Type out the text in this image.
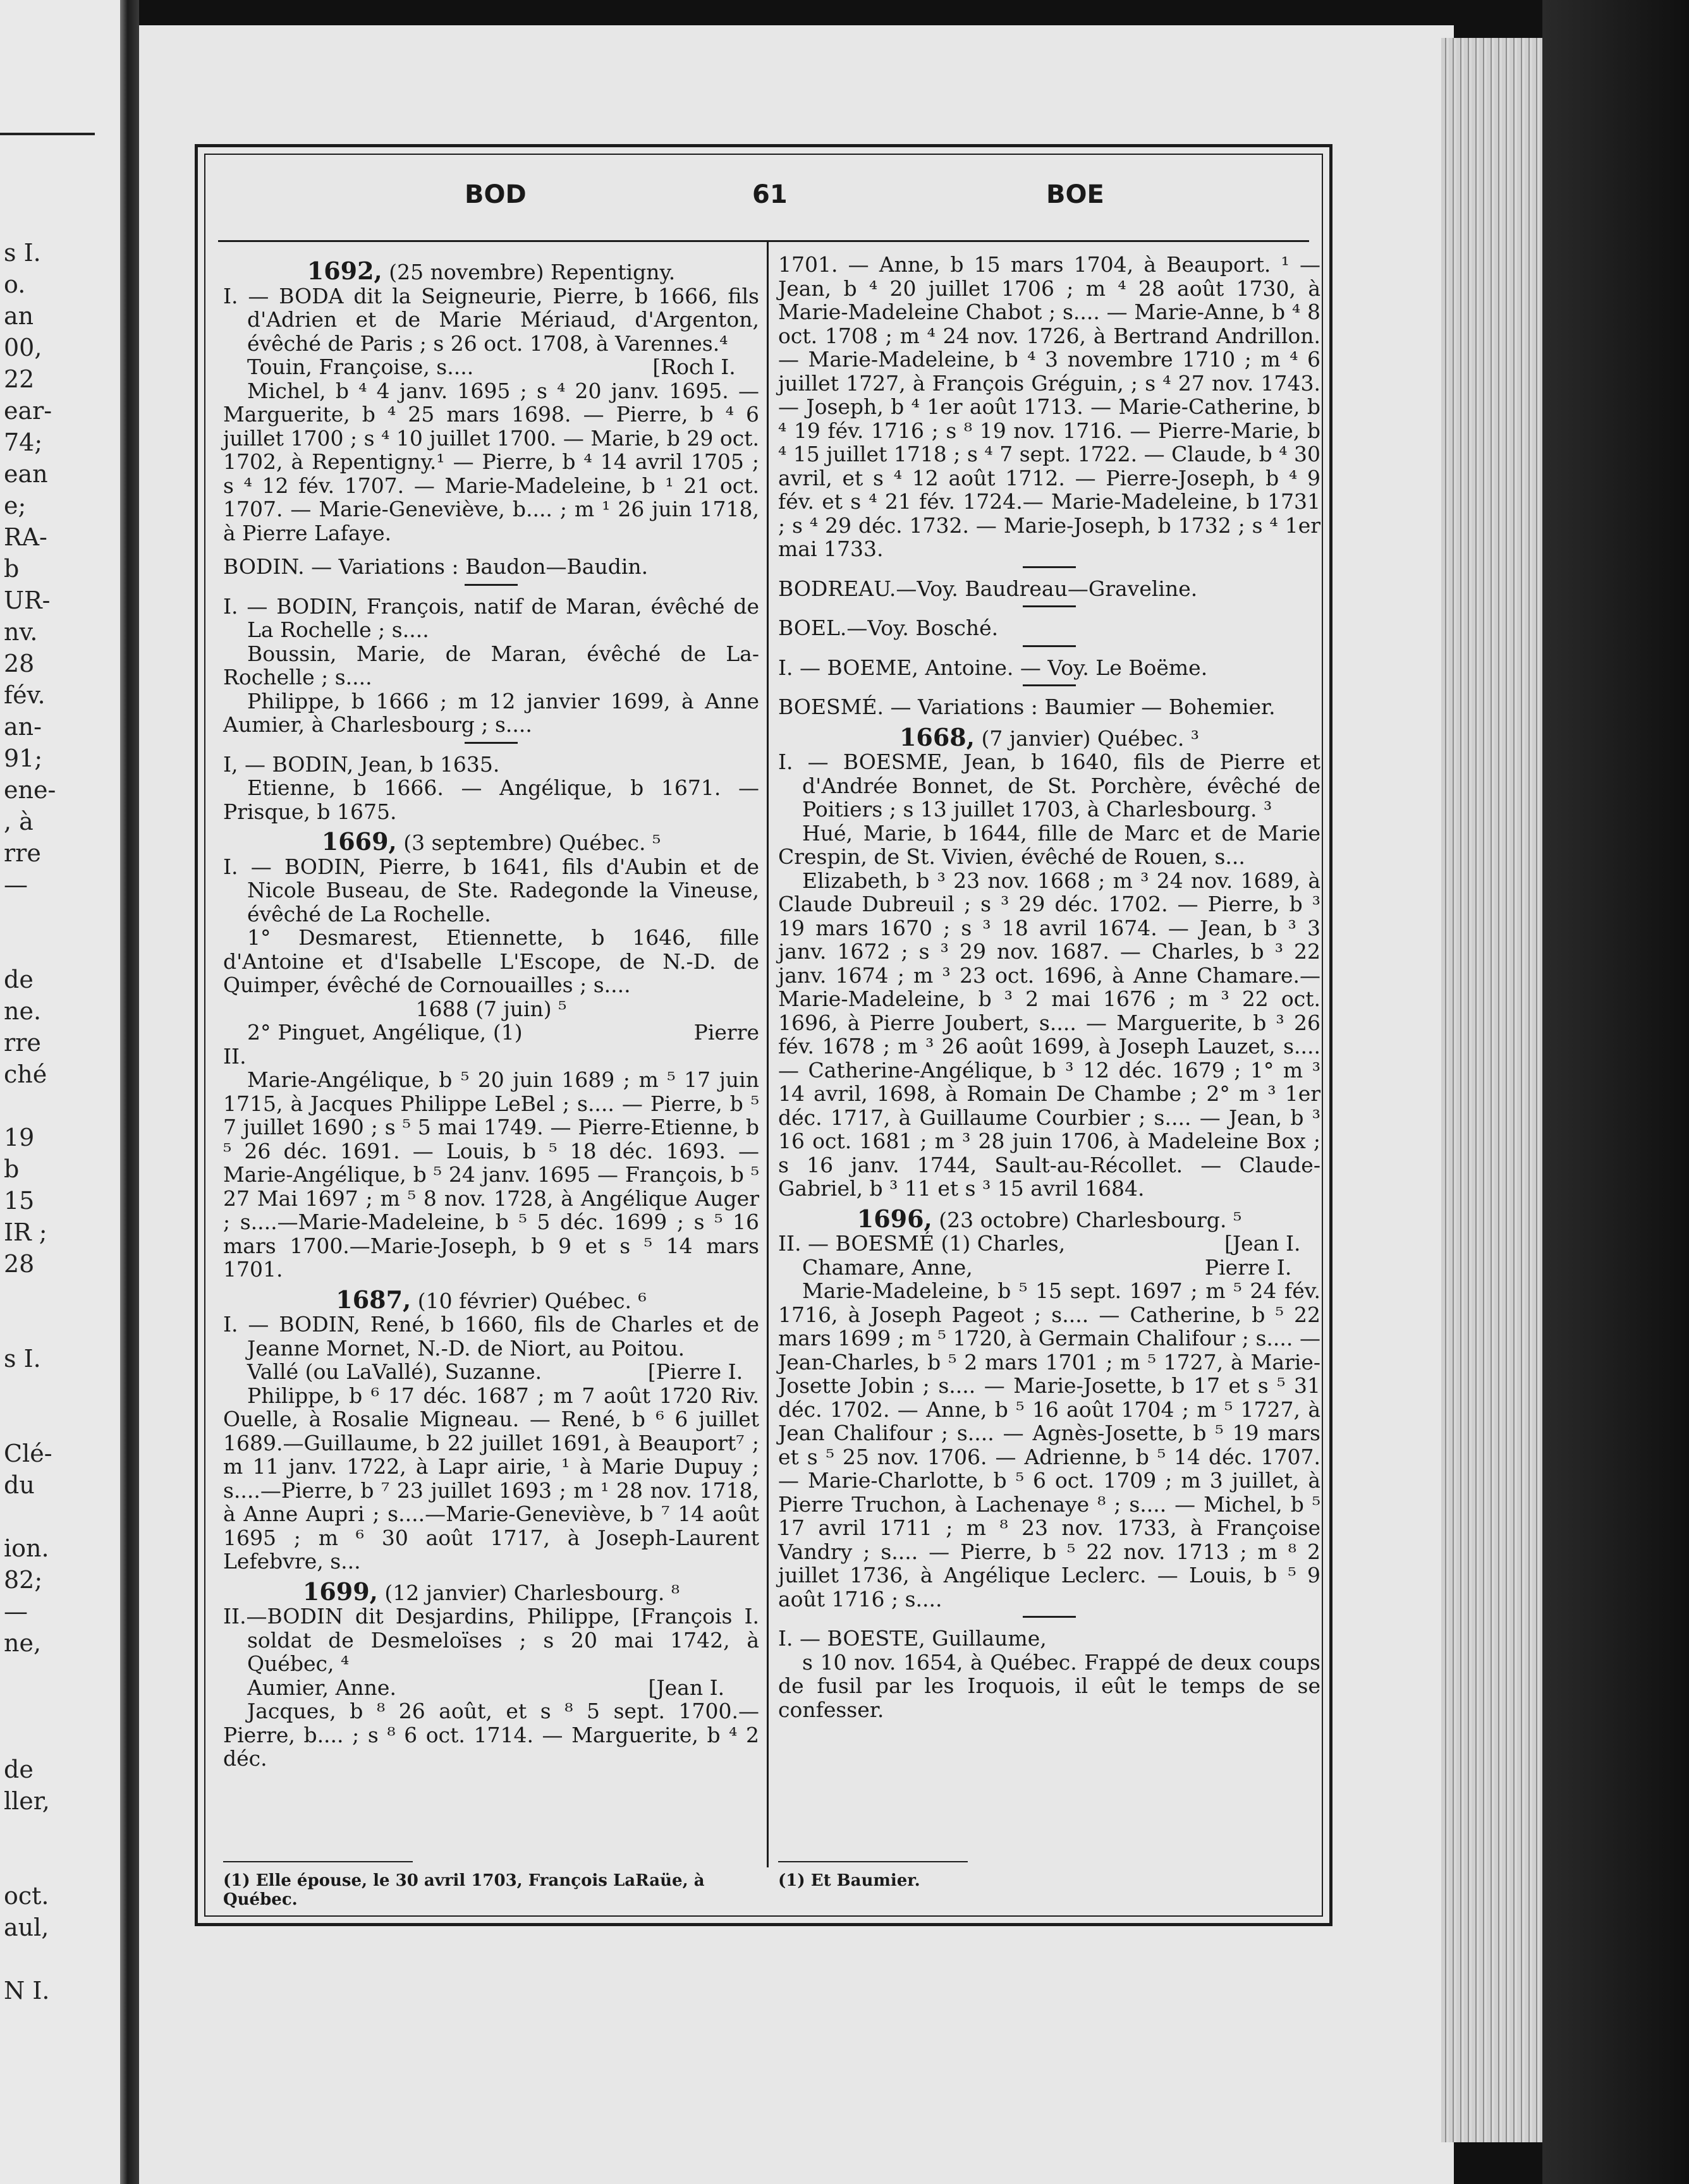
s I.
o.
an
00,
22
ear-
74;
ean
e;
RA-
b
UR-
nv.
28
fév.
an-
91;
ene-
, à
rre
—
de
ne.
rre
ché
19
b
15
IR ;
28
s I.
Clé-
du
ion.
82;
—
ne,
de
ller,
oct.
aul,
N I.
BOD	61	BOE

1692, (25 novembre) Repentigny.

I. — BODA dit la Seigneurie, Pierre, b 1666, fils d'Adrien et de Marie Mériaud, d'Argenton, évêché de Paris ; s 26 oct. 1708, à Varennes.⁴

Touin, Françoise, s....                           [Roch I.

Michel, b ⁴ 4 janv. 1695 ; s ⁴ 20 janv. 1695. — Marguerite, b ⁴ 25 mars 1698. — Pierre, b ⁴ 6 juillet 1700 ; s ⁴ 10 juillet 1700. — Marie, b 29 oct. 1702, à Repentigny.¹ — Pierre, b ⁴ 14 avril 1705 ; s ⁴ 12 fév. 1707. — Marie-Madeleine, b ¹ 21 oct. 1707. — Marie-Geneviève, b.... ; m ¹ 26 juin 1718, à Pierre Lafaye.

BODIN. — Variations : Baudon—Baudin.

I. — BODIN, François, natif de Maran, évêché de La Rochelle ; s....

Boussin, Marie, de Maran, évêché de La-Rochelle ; s....

Philippe, b 1666 ; m 12 janvier 1699, à Anne Aumier, à Charlesbourg ; s....

I, — BODIN, Jean, b 1635.

Etienne, b 1666. — Angélique, b 1671. — Prisque, b 1675.

1669, (3 septembre) Québec. ⁵

I. — BODIN, Pierre, b 1641, fils d'Aubin et de Nicole Buseau, de Ste. Radegonde la Vineuse, évêché de La Rochelle.

1° Desmarest, Etiennette, b 1646, fille d'Antoine et d'Isabelle L'Escope, de N.-D. de Quimper, évêché de Cornouailles ; s....

1688 (7 juin) ⁵

2° Pinguet, Angélique, (1)                         Pierre II.

Marie-Angélique, b ⁵ 20 juin 1689 ; m ⁵ 17 juin 1715, à Jacques Philippe LeBel ; s.... — Pierre, b ⁵ 7 juillet 1690 ; s ⁵ 5 mai 1749. — Pierre-Etienne, b ⁵ 26 déc. 1691. — Louis, b ⁵ 18 déc. 1693. — Marie-Angélique, b ⁵ 24 janv. 1695 — François, b ⁵ 27 Mai 1697 ; m ⁵ 8 nov. 1728, à Angélique Auger ; s....—Marie-Madeleine, b ⁵ 5 déc. 1699 ; s ⁵ 16 mars 1700.—Marie-Joseph, b 9 et s ⁵ 14 mars 1701.

1687, (10 février) Québec. ⁶

I. — BODIN, René, b 1660, fils de Charles et de Jeanne Mornet, N.-D. de Niort, au Poitou.

Vallé (ou LaVallé), Suzanne.                [Pierre I.

Philippe, b ⁶ 17 déc. 1687 ; m 7 août 1720 Riv. Ouelle, à Rosalie Migneau. — René, b ⁶ 6 juillet 1689.—Guillaume, b 22 juillet 1691, à Beauport⁷ ; m 11 janv. 1722, à Lapr airie, ¹ à Marie Dupuy ; s....—Pierre, b ⁷ 23 juillet 1693 ; m ¹ 28 nov. 1718, à Anne Aupri ; s....—Marie-Geneviève, b ⁷ 14 août 1695 ; m ⁶ 30 août 1717, à Joseph-Laurent Lefebvre, s...

1699, (12 janvier) Charlesbourg. ⁸

II.—BODIN dit Desjardins, Philippe, [François I. soldat de Desmeloïses ; s 20 mai 1742, à Québec, ⁴

Aumier, Anne.                                      [Jean I.

Jacques, b ⁸ 26 août, et s ⁸ 5 sept. 1700.—Pierre, b.... ; s ⁸ 6 oct. 1714. — Marguerite, b ⁴ 2 déc.

1701. — Anne, b 15 mars 1704, à Beauport. ¹ — Jean, b ⁴ 20 juillet 1706 ; m ⁴ 28 août 1730, à Marie-Madeleine Chabot ; s.... — Marie-Anne, b ⁴ 8 oct. 1708 ; m ⁴ 24 nov. 1726, à Bertrand Andrillon.— Marie-Madeleine, b ⁴ 3 novembre 1710 ; m ⁴ 6 juillet 1727, à François Gréguin, ; s ⁴ 27 nov. 1743. — Joseph, b ⁴ 1er août 1713. — Marie-Catherine, b ⁴ 19 fév. 1716 ; s ⁸ 19 nov. 1716. — Pierre-Marie, b ⁴ 15 juillet 1718 ; s ⁴ 7 sept. 1722. — Claude, b ⁴ 30 avril, et s ⁴ 12 août 1712. — Pierre-Joseph, b ⁴ 9 fév. et s ⁴ 21 fév. 1724.— Marie-Madeleine, b 1731 ; s ⁴ 29 déc. 1732. — Marie-Joseph, b 1732 ; s ⁴ 1er mai 1733.

BODREAU.—Voy. Baudreau—Graveline.

BOEL.—Voy. Bosché.

I. — BOEME, Antoine. — Voy. Le Boëme.

BOESMÉ. — Variations : Baumier — Bohemier.

1668, (7 janvier) Québec. ³

I. — BOESME, Jean, b 1640, fils de Pierre et d'Andrée Bonnet, de St. Porchère, évêché de Poitiers ; s 13 juillet 1703, à Charlesbourg. ³

Hué, Marie, b 1644, fille de Marc et de Marie Crespin, de St. Vivien, évêché de Rouen, s...

Elizabeth, b ³ 23 nov. 1668 ; m ³ 24 nov. 1689, à Claude Dubreuil ; s ³ 29 déc. 1702. — Pierre, b ³ 19 mars 1670 ; s ³ 18 avril 1674. — Jean, b ³ 3 janv. 1672 ; s ³ 29 nov. 1687. — Charles, b ³ 22 janv. 1674 ; m ³ 23 oct. 1696, à Anne Chamare.— Marie-Madeleine, b ³ 2 mai 1676 ; m ³ 22 oct. 1696, à Pierre Joubert, s.... — Marguerite, b ³ 26 fév. 1678 ; m ³ 26 août 1699, à Joseph Lauzet, s.... — Catherine-Angélique, b ³ 12 déc. 1679 ; 1° m ³ 14 avril, 1698, à Romain De Chambe ; 2° m ³ 1er déc. 1717, à Guillaume Courbier ; s.... — Jean, b ³ 16 oct. 1681 ; m ³ 28 juin 1706, à Madeleine Box ; s 16 janv. 1744, Sault-au-Récollet. — Claude-Gabriel, b ³ 11 et s ³ 15 avril 1684.

1696, (23 octobre) Charlesbourg. ⁵

II. — BOESMÉ (1) Charles,                        [Jean I.

Chamare, Anne,                                   Pierre I.

Marie-Madeleine, b ⁵ 15 sept. 1697 ; m ⁵ 24 fév. 1716, à Joseph Pageot ; s.... — Catherine, b ⁵ 22 mars 1699 ; m ⁵ 1720, à Germain Chalifour ; s.... — Jean-Charles, b ⁵ 2 mars 1701 ; m ⁵ 1727, à Marie-Josette Jobin ; s.... — Marie-Josette, b 17 et s ⁵ 31 déc. 1702. — Anne, b ⁵ 16 août 1704 ; m ⁵ 1727, à Jean Chalifour ; s.... — Agnès-Josette, b ⁵ 19 mars et s ⁵ 25 nov. 1706. — Adrienne, b ⁵ 14 déc. 1707. — Marie-Charlotte, b ⁵ 6 oct. 1709 ; m 3 juillet, à Pierre Truchon, à Lachenaye ⁸ ; s.... — Michel, b ⁵ 17 avril 1711 ; m ⁸ 23 nov. 1733, à Françoise Vandry ; s.... — Pierre, b ⁵ 22 nov. 1713 ; m ⁸ 2 juillet 1736, à Angélique Leclerc. — Louis, b ⁵ 9 août 1716 ; s....

I. — BOESTE, Guillaume,

s 10 nov. 1654, à Québec. Frappé de deux coups de fusil par les Iroquois, il eût le temps de se confesser.

(1) Elle épouse, le 30 avril 1703, François LaRaüe, à Québec.

(1) Et Baumier.
